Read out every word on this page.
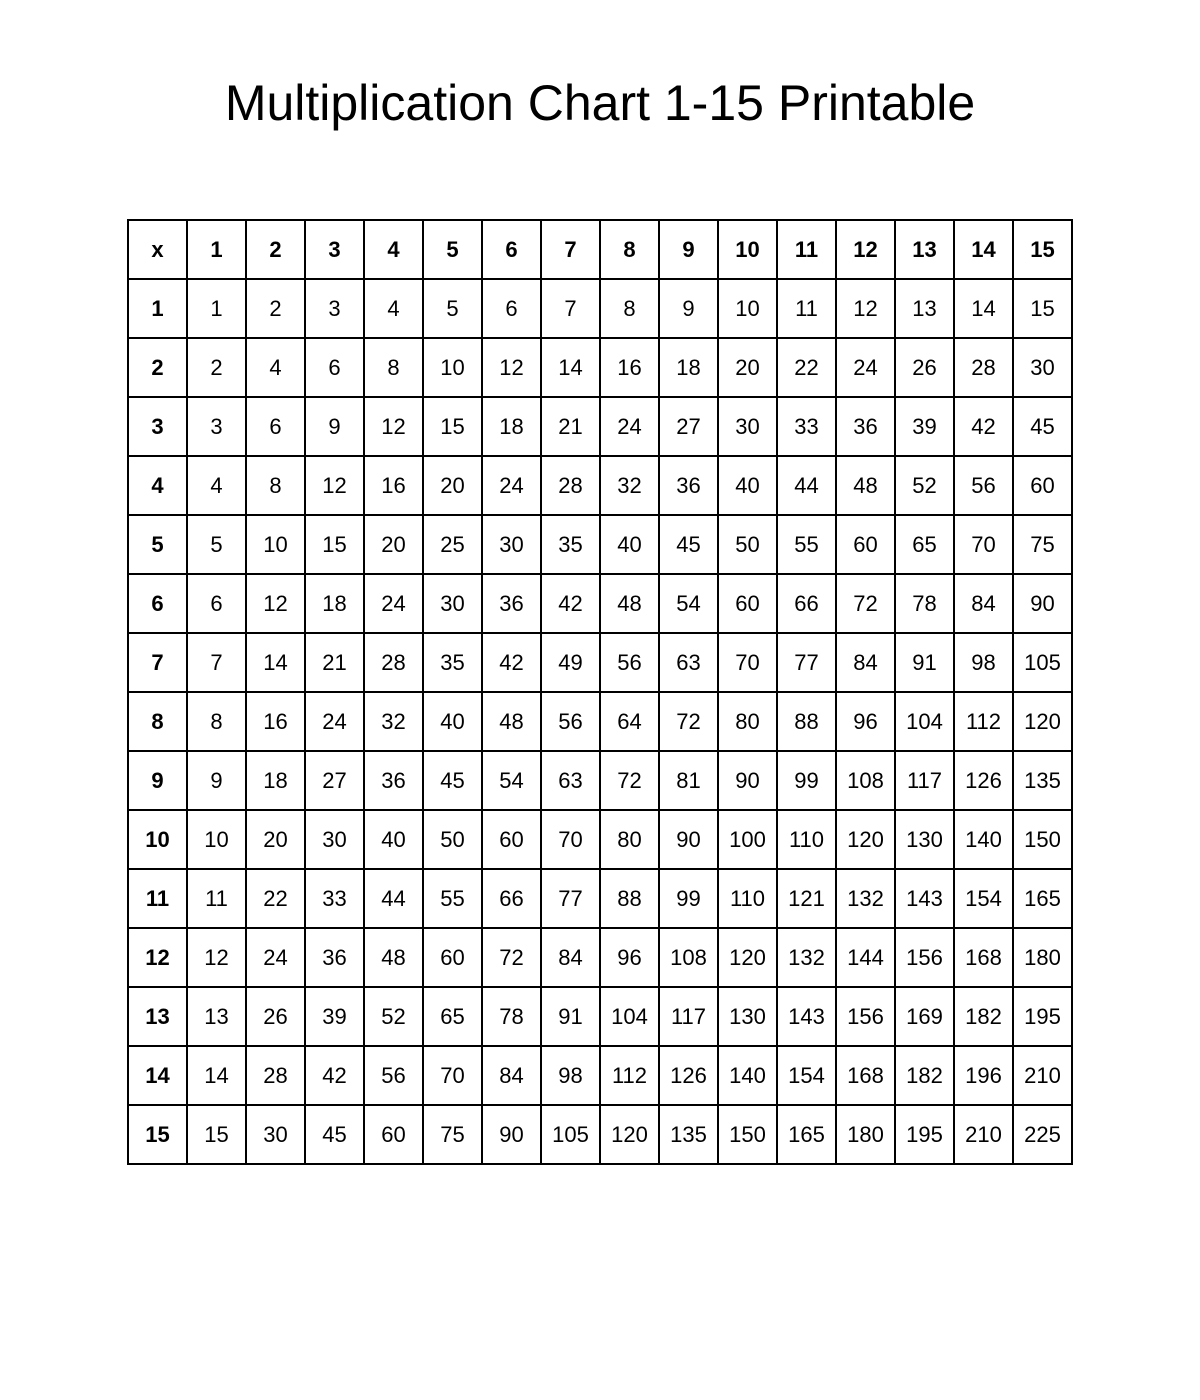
Multiplication Chart 1-15 Printable
x	1	2	3	4	5	6	7	8	9	10	11	12	13	14	15
1	1	2	3	4	5	6	7	8	9	10	11	12	13	14	15
2	2	4	6	8	10	12	14	16	18	20	22	24	26	28	30
3	3	6	9	12	15	18	21	24	27	30	33	36	39	42	45
4	4	8	12	16	20	24	28	32	36	40	44	48	52	56	60
5	5	10	15	20	25	30	35	40	45	50	55	60	65	70	75
6	6	12	18	24	30	36	42	48	54	60	66	72	78	84	90
7	7	14	21	28	35	42	49	56	63	70	77	84	91	98	105
8	8	16	24	32	40	48	56	64	72	80	88	96	104	112	120
9	9	18	27	36	45	54	63	72	81	90	99	108	117	126	135
10	10	20	30	40	50	60	70	80	90	100	110	120	130	140	150
11	11	22	33	44	55	66	77	88	99	110	121	132	143	154	165
12	12	24	36	48	60	72	84	96	108	120	132	144	156	168	180
13	13	26	39	52	65	78	91	104	117	130	143	156	169	182	195
14	14	28	42	56	70	84	98	112	126	140	154	168	182	196	210
15	15	30	45	60	75	90	105	120	135	150	165	180	195	210	225
